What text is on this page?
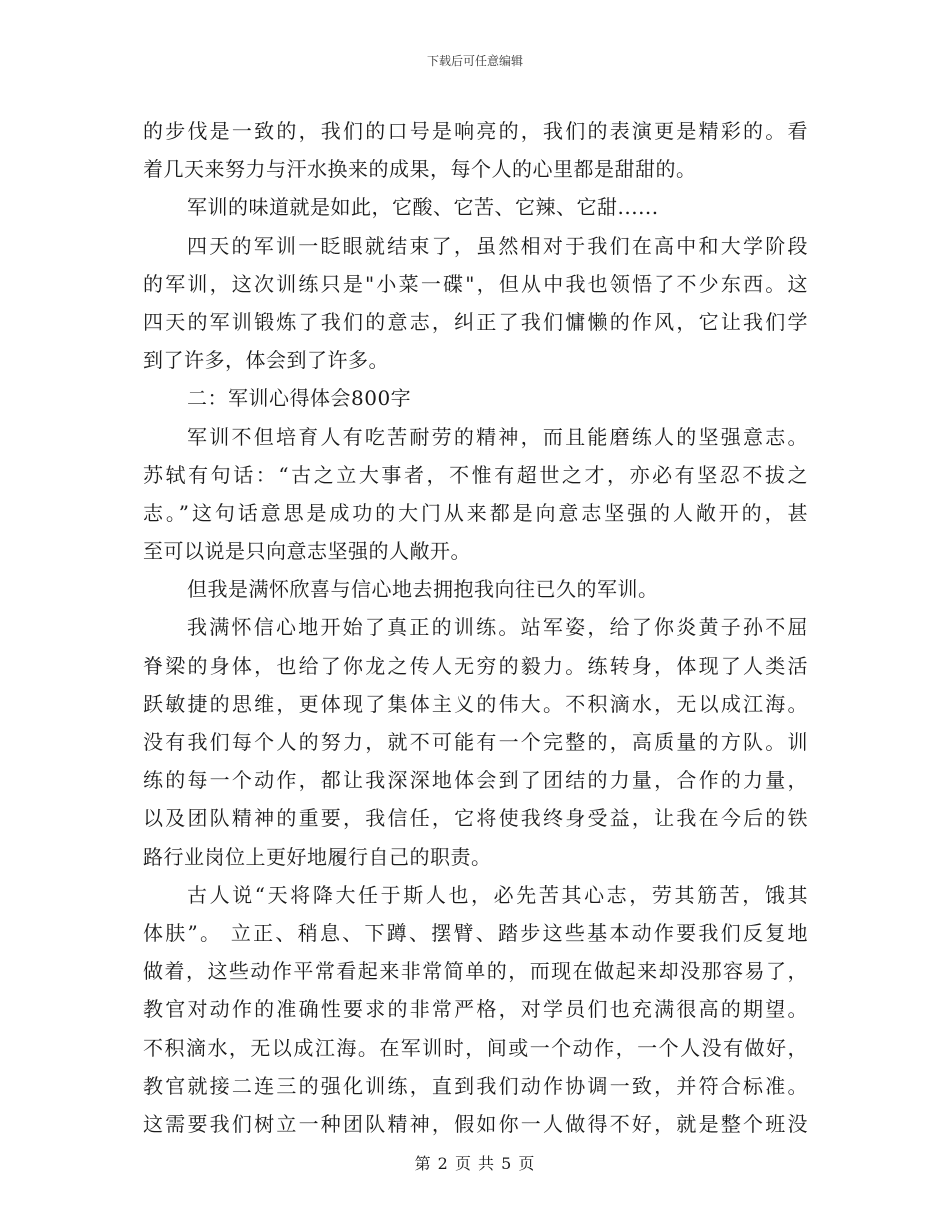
下载后可任意编辑
的步伐是一致的，我们的口号是响亮的，我们的表演更是精彩的。看
着几天来努力与汗水换来的成果，每个人的心里都是甜甜的。
军训的味道就是如此，它酸、它苦、它辣、它甜......
四天的军训一眨眼就结束了，虽然相对于我们在高中和大学阶段
的军训，这次训练只是"小菜一碟"，但从中我也领悟了不少东西。这
四天的军训锻炼了我们的意志，纠正了我们慵懒的作风，它让我们学
到了许多，体会到了许多。
二：军训心得体会800字
军训不但培育人有吃苦耐劳的精神，而且能磨练人的坚强意志。
苏轼有句话：“古之立大事者，不惟有超世之才，亦必有坚忍不拔之
志。”这句话意思是成功的大门从来都是向意志坚强的人敞开的，甚
至可以说是只向意志坚强的人敞开。
但我是满怀欣喜与信心地去拥抱我向往已久的军训。
我满怀信心地开始了真正的训练。站军姿，给了你炎黄子孙不屈
脊梁的身体，也给了你龙之传人无穷的毅力。练转身，体现了人类活
跃敏捷的思维，更体现了集体主义的伟大。不积滴水，无以成江海。
没有我们每个人的努力，就不可能有一个完整的，高质量的方队。训
练的每一个动作，都让我深深地体会到了团结的力量，合作的力量，
以及团队精神的重要，我信任，它将使我终身受益，让我在今后的铁
路行业岗位上更好地履行自己的职责。
古人说“天将降大任于斯人也，必先苦其心志，劳其筋苦，饿其
体肤”。 立正、稍息、下蹲、摆臂、踏步这些基本动作要我们反复地
做着，这些动作平常看起来非常简单的，而现在做起来却没那容易了，
教官对动作的准确性要求的非常严格，对学员们也充满很高的期望。
不积滴水，无以成江海。在军训时，间或一个动作，一个人没有做好，
教官就接二连三的强化训练，直到我们动作协调一致，并符合标准。
这需要我们树立一种团队精神，假如你一人做得不好，就是整个班没
第 2 页 共 5 页
